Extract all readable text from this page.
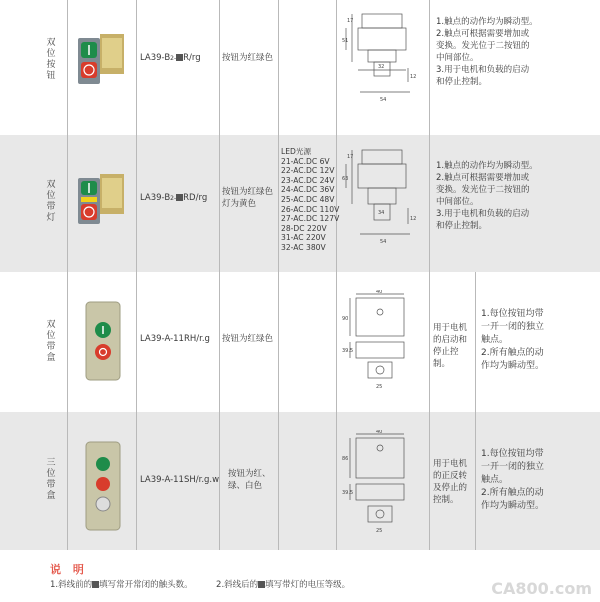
双
位
按
钮
双
位
带
灯
双
位
带
盒
三
位
带
盒
LA39-B2- R/rg
LA39-B2- RD/rg
LA39-A-11RH/r.g
LA39-A-11SH/r.g.w
按钮为红绿色
按钮为红绿色
灯为黄色
按钮为红绿色
按钮为红、
绿、白色
LED光源
21-AC.DC 6V
22-AC.DC 12V
23-AC.DC 24V
24-AC.DC 36V
25-AC.DC 48V
26-AC.DC 110V
27-AC.DC 127V
28-DC 220V
31-AC 220V
32-AC 380V
51
17
12
32
54
63
17
12
34
54
90
40
39.5
25
86
40
39.5
25
用于电机
的启动和
停止控制。
用于电机
的正反转
及停止的
控制。
1.触点的动作均为瞬动型。
2.触点可根据需要增加或
变换。发光位于二按钮的
中间部位。
3.用于电机和负载的启动
和停止控制。
1.触点的动作均为瞬动型。
2.触点可根据需要增加或
变换。发光位于二按钮的
中间部位。
3.用于电机和负载的启动
和停止控制。
1.每位按钮均带
一开一闭的独立
触点。
2.所有触点的动
作均为瞬动型。
1.每位按钮均带
一开一闭的独立
触点。
2.所有触点的动
作均为瞬动型。
说 明
1.斜线前的 填写常开常闭的触头数。	2.斜线后的 填写带灯的电压等级。	CA800.com
